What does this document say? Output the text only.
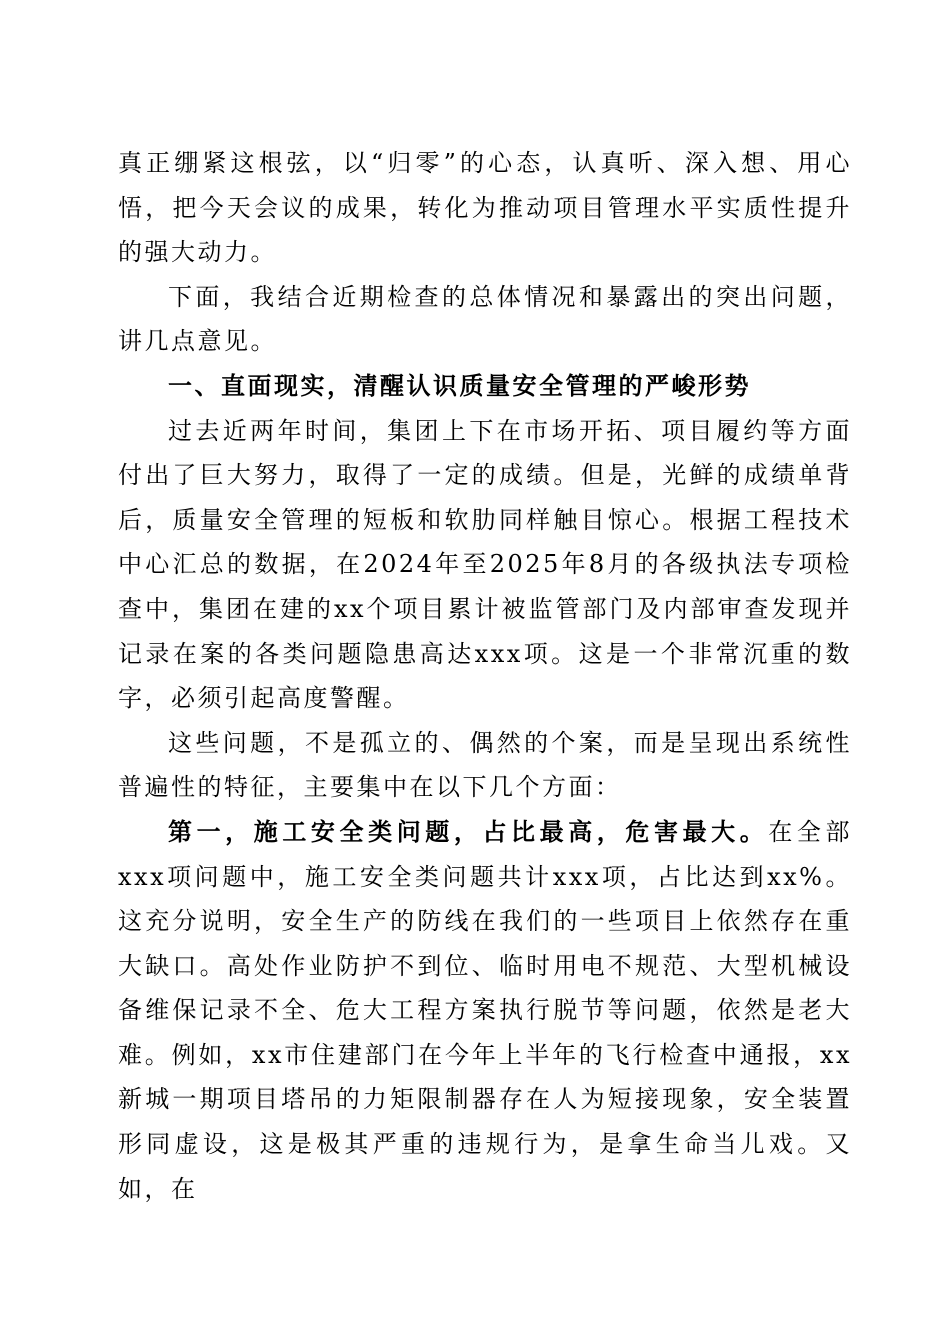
真正绷紧这根弦，以“归零”的心态，认真听、深入想、用心悟，把今天会议的成果，转化为推动项目管理水平实质性提升的强大动力。

下面，我结合近期检查的总体情况和暴露出的突出问题，讲几点意见。

一、直面现实，清醒认识质量安全管理的严峻形势

过去近两年时间，集团上下在市场开拓、项目履约等方面付出了巨大努力，取得了一定的成绩。但是，光鲜的成绩单背后，质量安全管理的短板和软肋同样触目惊心。根据工程技术中心汇总的数据，在2024年至2025年8月的各级执法专项检查中，集团在建的xx个项目累计被监管部门及内部审查发现并记录在案的各类问题隐患高达xxx项。这是一个非常沉重的数字，必须引起高度警醒。

这些问题，不是孤立的、偶然的个案，而是呈现出系统性普遍性的特征，主要集中在以下几个方面：

第一，施工安全类问题，占比最高，危害最大。在全部xxx项问题中，施工安全类问题共计xxx项，占比达到xx%。这充分说明，安全生产的防线在我们的一些项目上依然存在重大缺口。高处作业防护不到位、临时用电不规范、大型机械设备维保记录不全、危大工程方案执行脱节等问题，依然是老大难。例如，xx市住建部门在今年上半年的飞行检查中通报，xx新城一期项目塔吊的力矩限制器存在人为短接现象，安全装置形同虚设，这是极其严重的违规行为，是拿生命当儿戏。又如，在
